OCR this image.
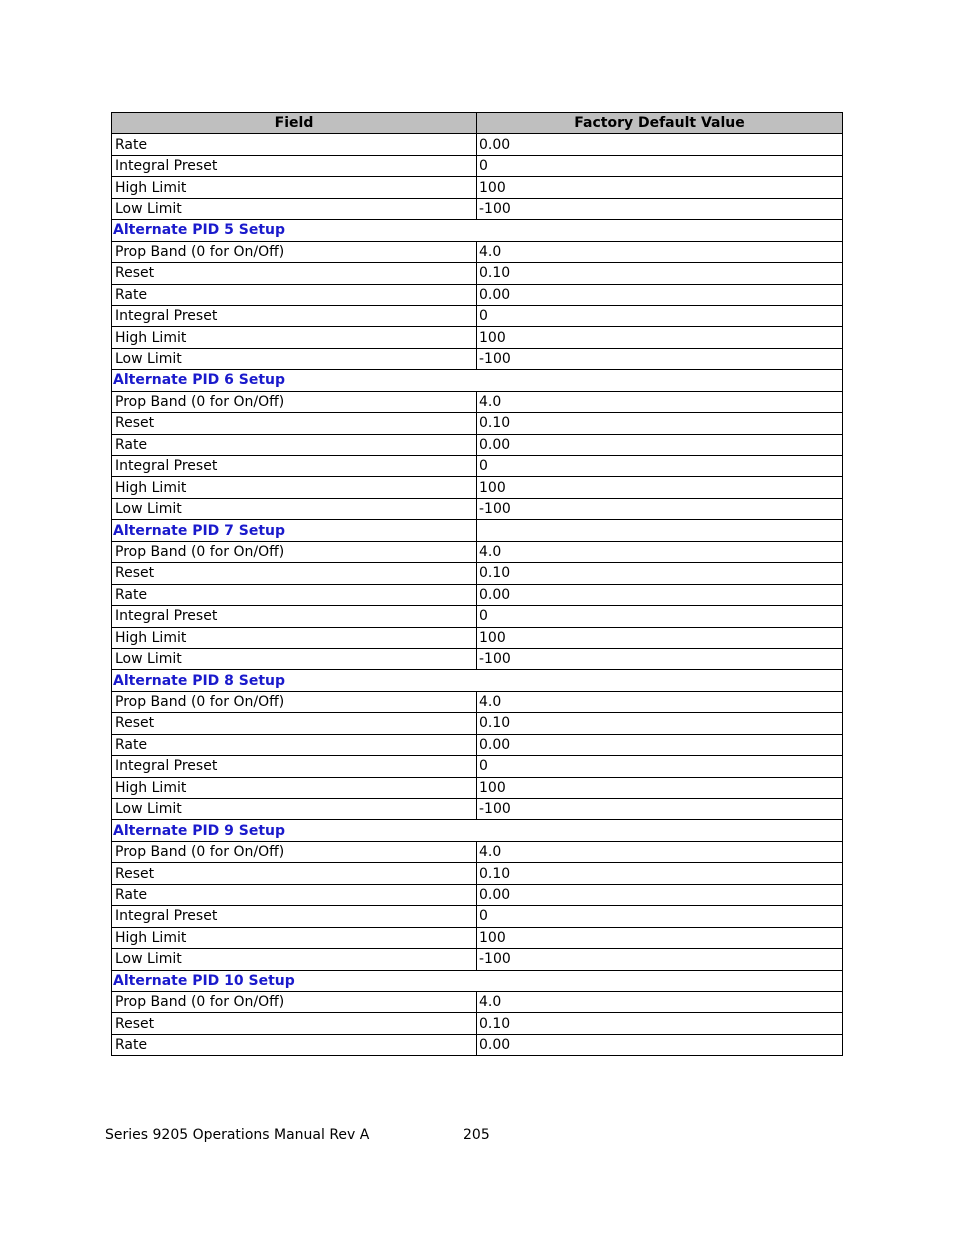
Field	Factory Default Value
Rate	0.00
Integral Preset	0
High Limit	100
Low Limit	-100
Alternate PID 5 Setup	
Prop Band (0 for On/Off)	4.0
Reset	0.10
Rate	0.00
Integral Preset	0
High Limit	100
Low Limit	-100
Alternate PID 6 Setup	
Prop Band (0 for On/Off)	4.0
Reset	0.10
Rate	0.00
Integral Preset	0
High Limit	100
Low Limit	-100
Alternate PID 7 Setup	
Prop Band (0 for On/Off)	4.0
Reset	0.10
Rate	0.00
Integral Preset	0
High Limit	100
Low Limit	-100
Alternate PID 8 Setup	
Prop Band (0 for On/Off)	4.0
Reset	0.10
Rate	0.00
Integral Preset	0
High Limit	100
Low Limit	-100
Alternate PID 9 Setup	
Prop Band (0 for On/Off)	4.0
Reset	0.10
Rate	0.00
Integral Preset	0
High Limit	100
Low Limit	-100
Alternate PID 10 Setup	
Prop Band (0 for On/Off)	4.0
Reset	0.10
Rate	0.00
Series 9205 Operations Manual Rev A	205
